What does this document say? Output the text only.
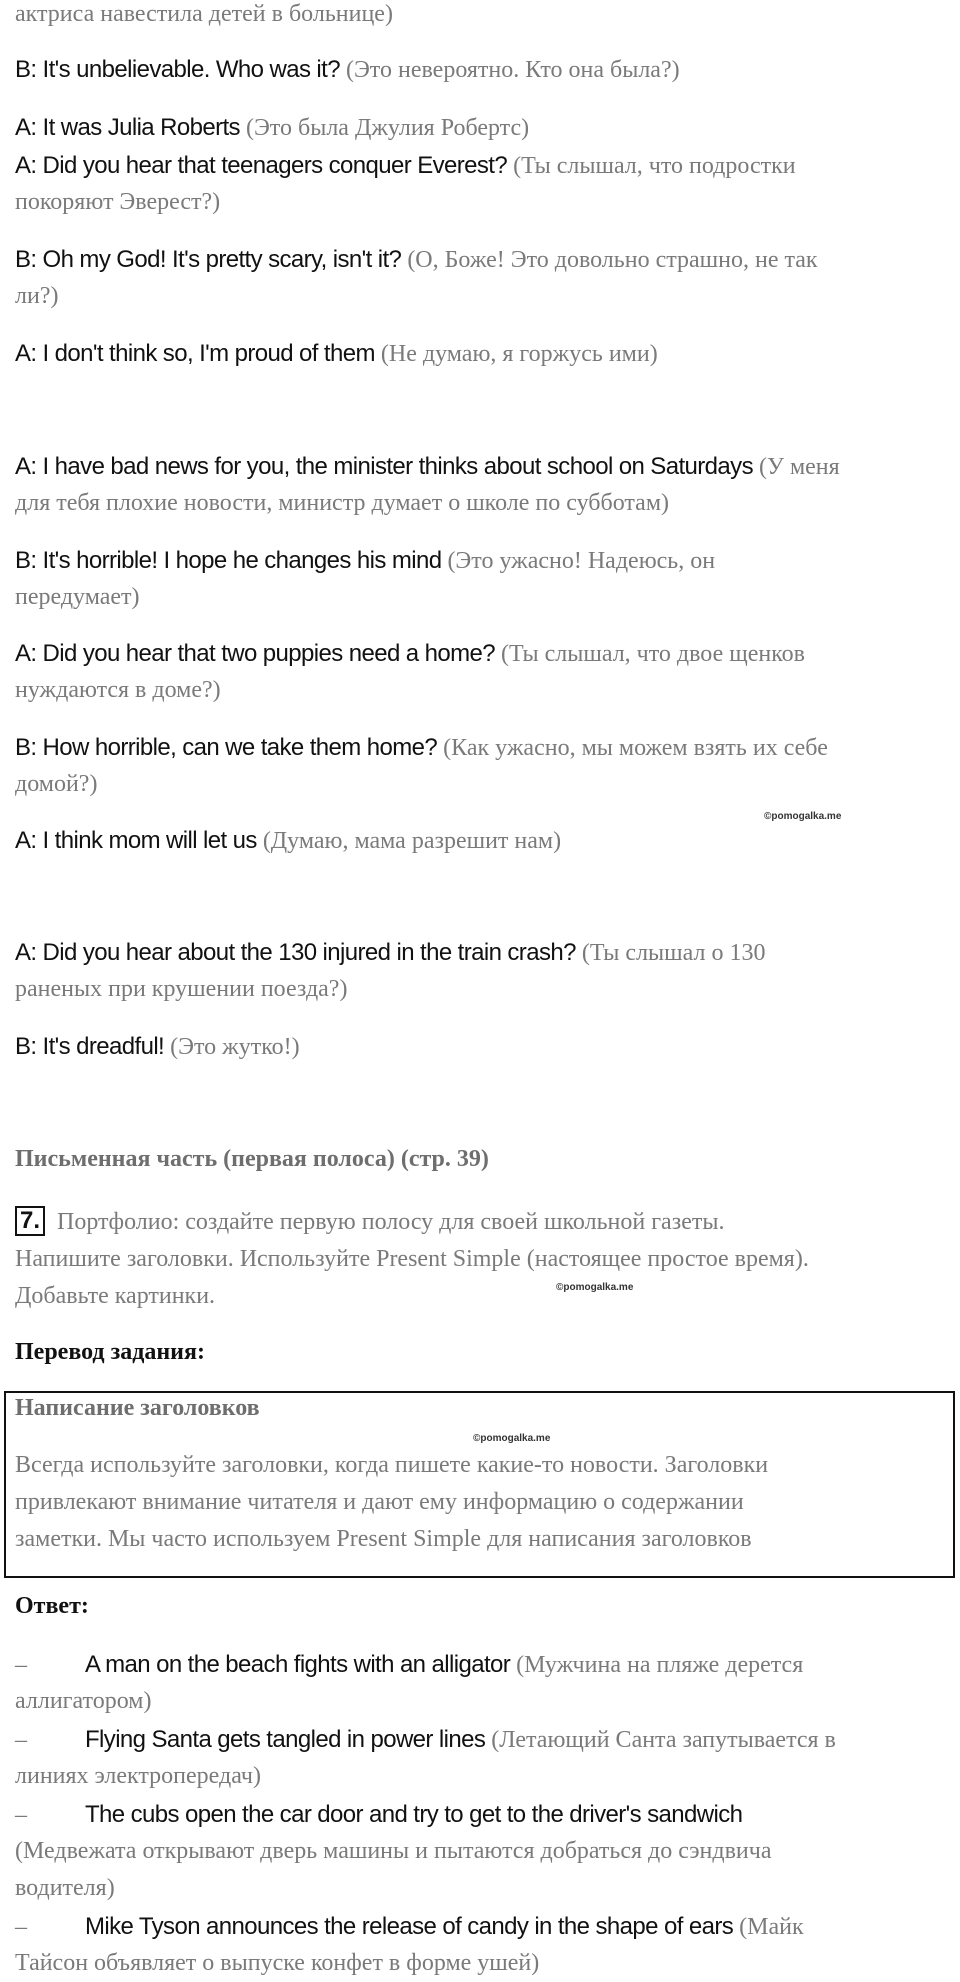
актриса навестила детей в больнице)

B: It's unbelievable. Who was it? (Это невероятно. Кто она была?)

A: It was Julia Roberts (Это была Джулия Робертс)

A: Did you hear that teenagers conquer Everest? (Ты слышал, что подростки

покоряют Эверест?)

B: Oh my God! It's pretty scary, isn't it? (О, Боже! Это довольно страшно, не так

ли?)

A: I don't think so, I'm proud of them (Не думаю, я горжусь ими)

A: I have bad news for you, the minister thinks about school on Saturdays (У меня

для тебя плохие новости, министр думает о школе по субботам)

B: It's horrible! I hope he changes his mind (Это ужасно! Надеюсь, он

передумает)

A: Did you hear that two puppies need a home? (Ты слышал, что двое щенков

нуждаются в доме?)

B: How horrible, can we take them home? (Как ужасно, мы можем взять их себе

домой?)

©pomogalka.me

A: I think mom will let us (Думаю, мама разрешит нам)

A: Did you hear about the 130 injured in the train crash? (Ты слышал о 130

раненых при крушении поезда?)

B: It's dreadful! (Это жутко!)

Письменная часть (первая полоса) (стр. 39)

7. Портфолио: создайте первую полосу для своей школьной газеты.

Напишите заголовки. Используйте Present Simple (настоящее простое время).

©pomogalka.me

Добавьте картинки.

Перевод задания:

Написание заголовков

©pomogalka.me

Всегда используйте заголовки, когда пишете какие-то новости. Заголовки

привлекают внимание читателя и дают ему информацию о содержании

заметки. Мы часто используем Present Simple для написания заголовков

Ответ:

– A man on the beach fights with an alligator (Мужчина на пляже дерется

аллигатором)

– Flying Santa gets tangled in power lines (Летающий Санта запутывается в

линиях электропередач)

– The cubs open the car door and try to get to the driver's sandwich

(Медвежата открывают дверь машины и пытаются добраться до сэндвича

водителя)

– Mike Tyson announces the release of candy in the shape of ears (Майк

Тайсон объявляет о выпуске конфет в форме ушей)
